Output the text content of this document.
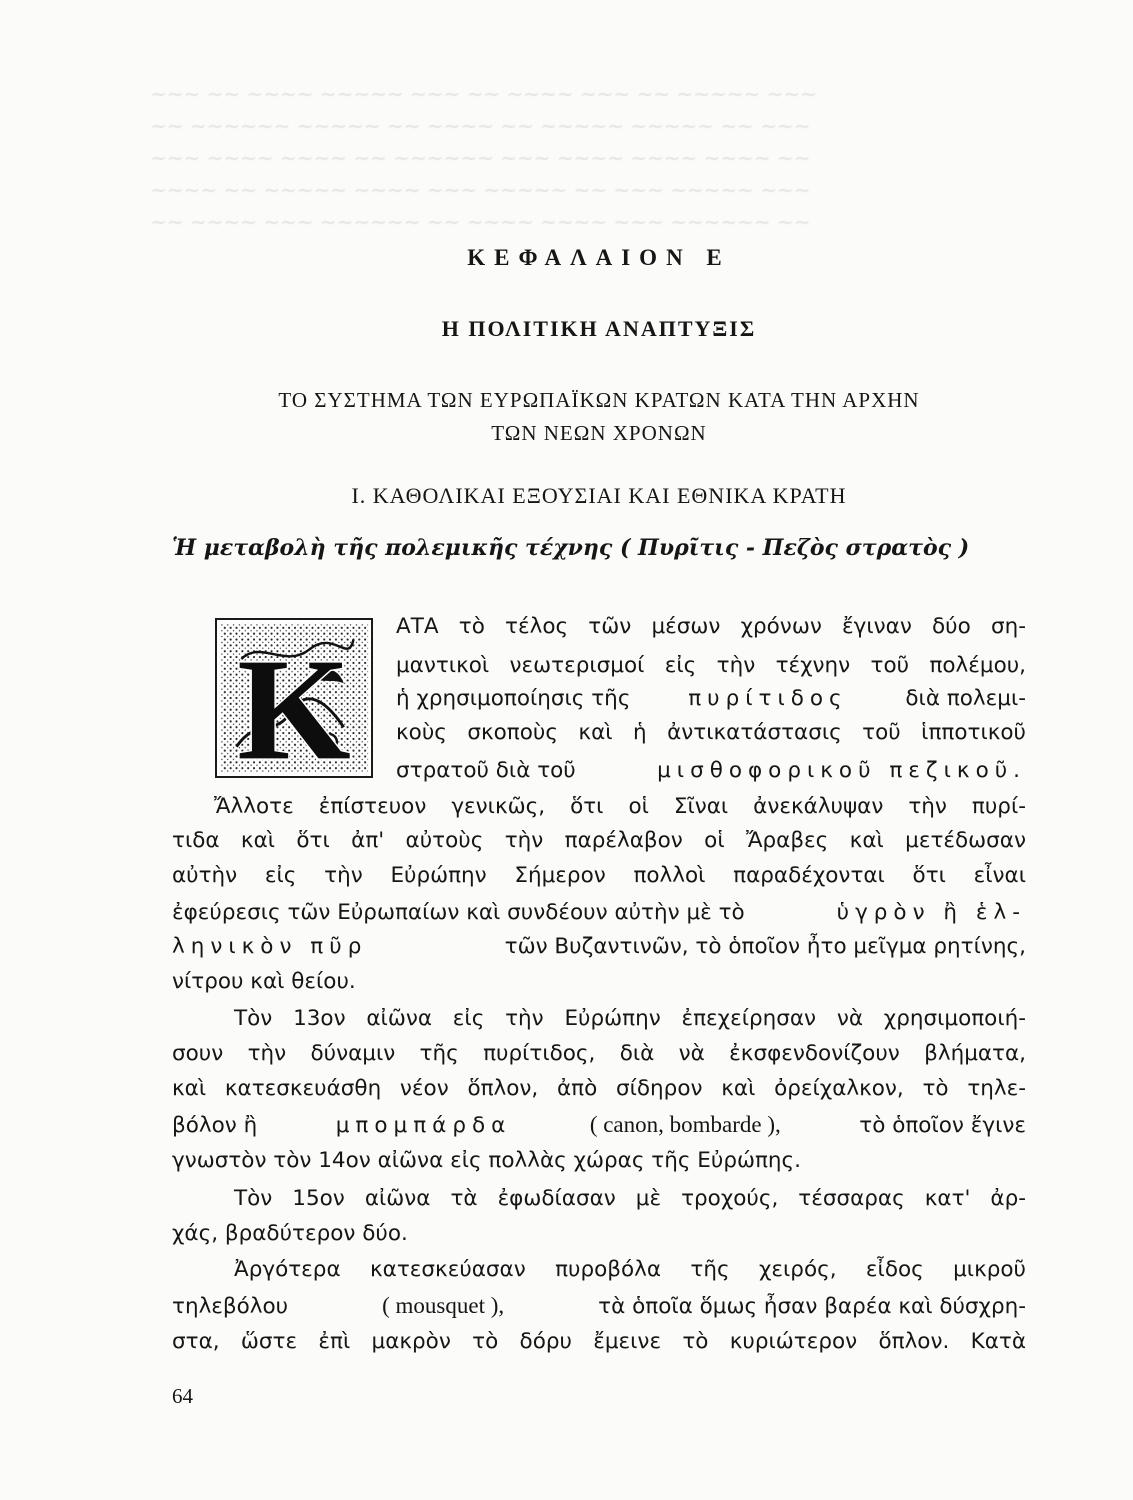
~~~ ~~ ~~~~ ~~~~~ ~~~ ~~ ~~~~ ~~~ ~~ ~~~~~ ~~~
~~ ~~~~~~ ~~~~~ ~~ ~~~~ ~~ ~~~~~ ~~~~~ ~~ ~~~
~~~ ~~~~ ~~~~ ~~ ~~~~~~ ~~~ ~~~~ ~~~~ ~~~~ ~~
~~~~ ~~ ~~~~~ ~~~~ ~~~ ~~~~~ ~~ ~~~ ~~~~~ ~~~
~~ ~~~~ ~~~ ~~~~~~ ~~ ~~~~ ~~~~ ~~~ ~~~~~~ ~~
ΚΕΦΑΛΑΙΟΝ Ε
Η ΠΟΛΙΤΙΚΗ ΑΝΑΠΤΥΞΙΣ
ΤΟ ΣΥΣΤΗΜΑ ΤΩΝ ΕΥΡΩΠΑΪΚΩΝ ΚΡΑΤΩΝ ΚΑΤΑ ΤΗΝ ΑΡΧΗΝ
ΤΩΝ ΝΕΩΝ ΧΡΟΝΩΝ
Ι. ΚΑΘΟΛΙΚΑΙ ΕΞΟΥΣΙΑΙ ΚΑΙ ΕΘΝΙΚΑ ΚΡΑΤΗ
Ἡ μεταβολὴ τῆς πολεμικῆς τέχνης ( Πυρῖτις - Πεζὸς στρατὸς )
Κ
ΑΤΑ τὸ τέλος τῶν μέσων χρόνων ἔγιναν δύο ση-
μαντικοὶ νεωτερισμοί εἰς τὴν τέχνην τοῦ πολέμου,
ἡ χρησιμοποίησις τῆς	πυρίτιδος	διὰ πολεμι-
κοὺς σκοποὺς καὶ ἡ ἀντικατάστασις τοῦ ἱπποτικοῦ
στρατοῦ διὰ τοῦ	μισθοφορικοῦ πεζικοῦ.
Ἄλλοτε ἐπίστευον γενικῶς, ὅτι οἱ Σῖναι ἀνεκάλυψαν τὴν πυρί-
τιδα καὶ ὅτι ἀπ' αὐτοὺς τὴν παρέλαβον οἱ Ἄραβες καὶ μετέδωσαν
αὐτὴν εἰς τὴν Εὐρώπην Σήμερον πολλοὶ παραδέχονται ὅτι εἶναι
ἐφεύρεσις τῶν Εὐρωπαίων καὶ συνδέουν αὐτὴν μὲ τὸ	ὑγρὸν ἢ ἑλ-
ληνικὸν πῦρ	τῶν Βυζαντινῶν, τὸ ὁποῖον ἦτο μεῖγμα ρητίνης,
νίτρου καὶ θείου.
Τὸν 13ον αἰῶνα εἰς τὴν Εὐρώπην ἐπεχείρησαν νὰ χρησιμοποιή-
σουν τὴν δύναμιν τῆς πυρίτιδος, διὰ νὰ ἐκσφενδονίζουν βλήματα,
καὶ κατεσκευάσθη νέον ὅπλον, ἀπὸ σίδηρον καὶ ὀρείχαλκον, τὸ τηλε-
βόλον ἢ	μπομπάρδα	( canon, bombarde ),	τὸ ὁποῖον ἔγινε
γνωστὸν τὸν 14ον αἰῶνα εἰς πολλὰς χώρας τῆς Εὐρώπης.
Τὸν 15ον αἰῶνα τὰ ἐφωδίασαν μὲ τροχούς, τέσσαρας κατ' ἀρ-
χάς, βραδύτερον δύο.
Ἀργότερα κατεσκεύασαν πυροβόλα τῆς χειρός, εἶδος μικροῦ
τηλεβόλου	( mousquet ),	τὰ ὁποῖα ὅμως ἦσαν βαρέα καὶ δύσχρη-
στα, ὥστε ἐπὶ μακρὸν τὸ δόρυ ἔμεινε τὸ κυριώτερον ὅπλον. Κατὰ
64
